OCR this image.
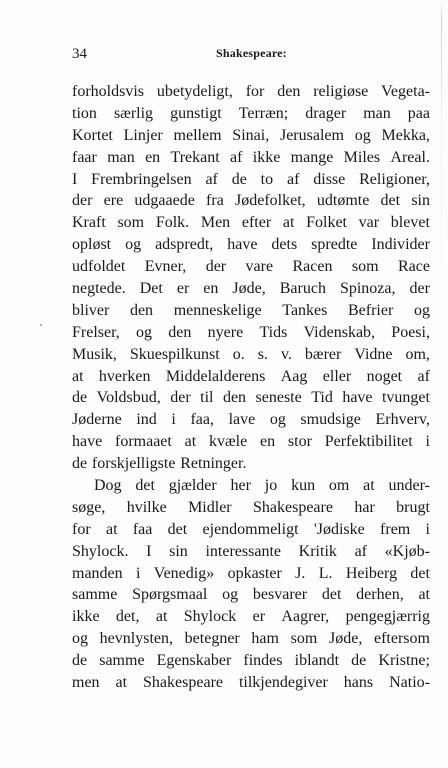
34	Shakespeare:
forholdsvis ubetydeligt, for den religiøse Vegeta-
tion særlig gunstigt Terræn; drager man paa
Kortet Linjer mellem Sinai, Jerusalem og Mekka,
faar man en Trekant af ikke mange Miles Areal.
I Frembringelsen af de to af disse Religioner,
der ere udgaaede fra Jødefolket, udtømte det sin
Kraft som Folk. Men efter at Folket var blevet
opløst og adspredt, have dets spredte Individer
udfoldet Evner, der vare Racen som Race
negtede. Det er en Jøde, Baruch Spinoza, der
bliver den menneskelige Tankes Befrier og
Frelser, og den nyere Tids Videnskab, Poesi,
Musik, Skuespilkunst o. s. v. bærer Vidne om,
at hverken Middelalderens Aag eller noget af
de Voldsbud, der til den seneste Tid have tvunget
Jøderne ind i faa, lave og smudsige Erhverv,
have formaaet at kvæle en stor Perfektibilitet i
de forskjelligste Retninger.
Dog det gjælder her jo kun om at under-
søge, hvilke Midler Shakespeare har brugt
for at faa det ejendommeligt 'Jødiske frem i
Shylock. I sin interessante Kritik af «Kjøb-
manden i Venedig» opkaster J. L. Heiberg det
samme Spørgsmaal og besvarer det derhen, at
ikke det, at Shylock er Aagrer, pengegjærrig
og hevnlysten, betegner ham som Jøde, eftersom
de samme Egenskaber findes iblandt de Kristne;
men at Shakespeare tilkjendegiver hans Natio-
